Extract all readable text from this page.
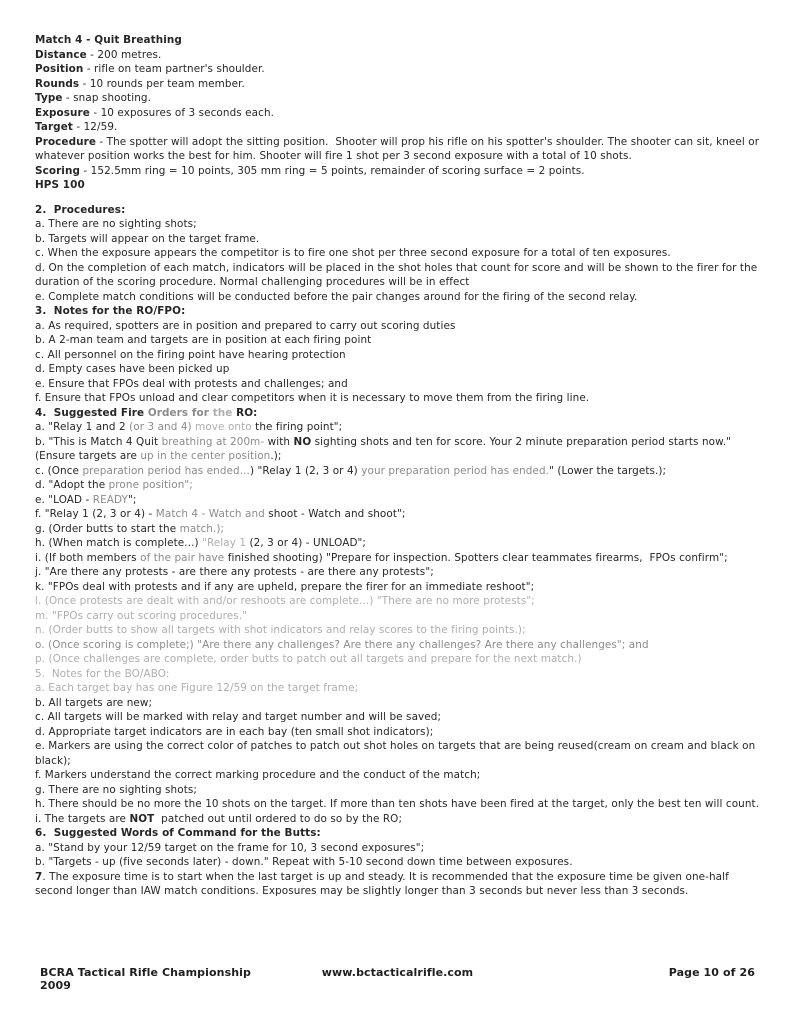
Match 4 - Quit Breathing
Distance - 200 metres.
Position - rifle on team partner's shoulder.
Rounds - 10 rounds per team member.
Type - snap shooting.
Exposure - 10 exposures of 3 seconds each.
Target - 12/59.
Procedure - The spotter will adopt the sitting position.  Shooter will prop his rifle on his spotter's shoulder. The shooter can sit, kneel or whatever position works the best for him. Shooter will fire 1 shot per 3 second exposure with a total of 10 shots.
Scoring - 152.5mm ring = 10 points, 305 mm ring = 5 points, remainder of scoring surface = 2 points.
HPS 100
2.  Procedures:
a. There are no sighting shots;
b. Targets will appear on the target frame.
c. When the exposure appears the competitor is to fire one shot per three second exposure for a total of ten exposures.
d. On the completion of each match, indicators will be placed in the shot holes that count for score and will be shown to the firer for the duration of the scoring procedure. Normal challenging procedures will be in effect
e. Complete match conditions will be conducted before the pair changes around for the firing of the second relay.
3.  Notes for the RO/FPO:
a. As required, spotters are in position and prepared to carry out scoring duties
b. A 2-man team and targets are in position at each firing point
c. All personnel on the firing point have hearing protection
d. Empty cases have been picked up
e. Ensure that FPOs deal with protests and challenges; and
f. Ensure that FPOs unload and clear competitors when it is necessary to move them from the firing line.
4.  Suggested Fire Orders for the RO:
a. "Relay 1 and 2 (or 3 and 4) move onto the firing point";
b. "This is Match 4 Quit breathing at 200m- with NO sighting shots and ten for score. Your 2 minute preparation period starts now." (Ensure targets are up in the center position.);
c. (Once preparation period has ended...) "Relay 1 (2, 3 or 4) your preparation period has ended." (Lower the targets.);
d. "Adopt the prone position";
e. "LOAD - READY";
f. "Relay 1 (2, 3 or 4) - Match 4 - Watch and shoot - Watch and shoot";
g. (Order butts to start the match.);
h. (When match is complete...) "Relay 1 (2, 3 or 4) - UNLOAD";
i. (If both members of the pair have finished shooting) "Prepare for inspection. Spotters clear teammates firearms,  FPOs confirm";
j. "Are there any protests - are there any protests - are there any protests";
k. "FPOs deal with protests and if any are upheld, prepare the firer for an immediate reshoot";
l. (Once protests are dealt with and/or reshoots are complete...) "There are no more protests";
m. "FPOs carry out scoring procedures."
n. (Order butts to show all targets with shot indicators and relay scores to the firing points.);
o. (Once scoring is complete;) "Are there any challenges? Are there any challenges? Are there any challenges"; and
p. (Once challenges are complete, order butts to patch out all targets and prepare for the next match.)
5.  Notes for the BO/ABO:
a. Each target bay has one Figure 12/59 on the target frame;
b. All targets are new;
c. All targets will be marked with relay and target number and will be saved;
d. Appropriate target indicators are in each bay (ten small shot indicators);
e. Markers are using the correct color of patches to patch out shot holes on targets that are being reused(cream on cream and black on black);
f. Markers understand the correct marking procedure and the conduct of the match;
g. There are no sighting shots;
h. There should be no more the 10 shots on the target. If more than ten shots have been fired at the target, only the best ten will count.
i. The targets are NOT  patched out until ordered to do so by the RO;
6.  Suggested Words of Command for the Butts:
a. "Stand by your 12/59 target on the frame for 10, 3 second exposures";
b. "Targets - up (five seconds later) - down." Repeat with 5-10 second down time between exposures.
7. The exposure time is to start when the last target is up and steady. It is recommended that the exposure time be given one-half second longer than IAW match conditions. Exposures may be slightly longer than 3 seconds but never less than 3 seconds.
BCRA Tactical Rifle Championship 2009
www.bctacticalrifle.com	Page 10 of 26
